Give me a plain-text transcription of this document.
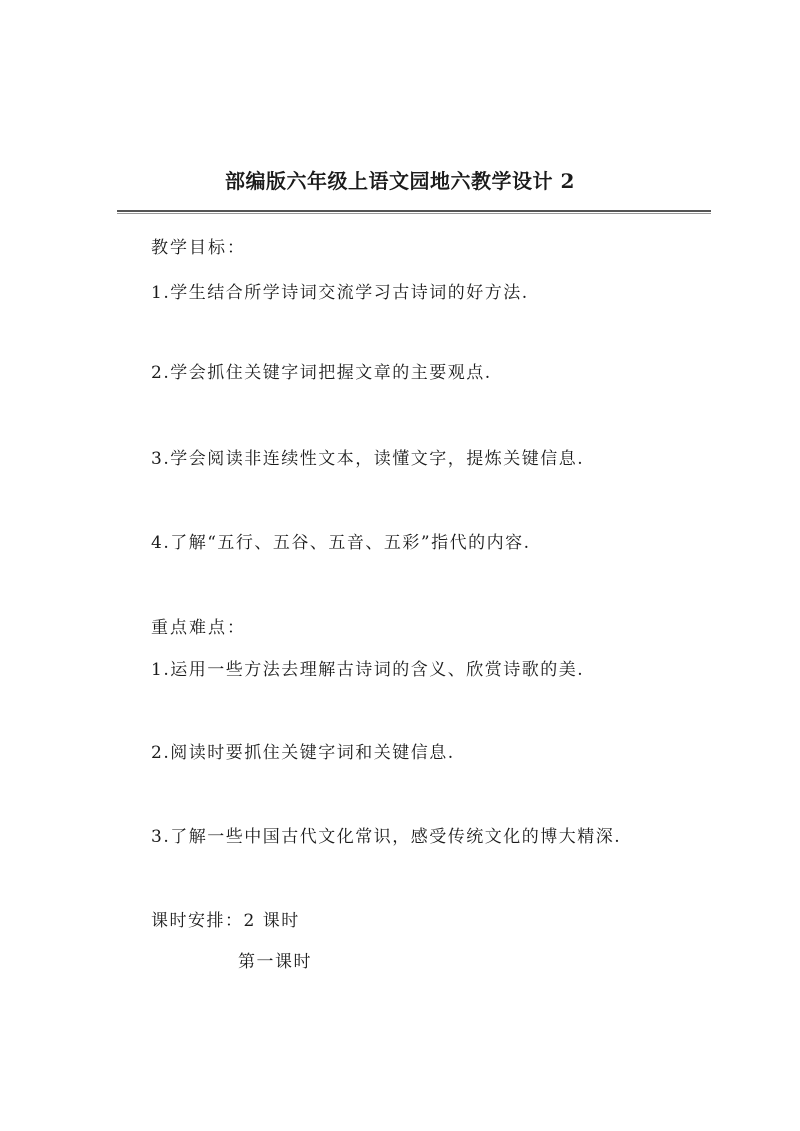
部编版六年级上语文园地六教学设计 2

教学目标：

1.学生结合所学诗词交流学习古诗词的好方法.

2.学会抓住关键字词把握文章的主要观点.

3.学会阅读非连续性文本，读懂文字，提炼关键信息.

4.了解“五行、五谷、五音、五彩”指代的内容.

重点难点：

1.运用一些方法去理解古诗词的含义、欣赏诗歌的美.

2.阅读时要抓住关键字词和关键信息.

3.了解一些中国古代文化常识，感受传统文化的博大精深.

课时安排：2 课时

第一课时
